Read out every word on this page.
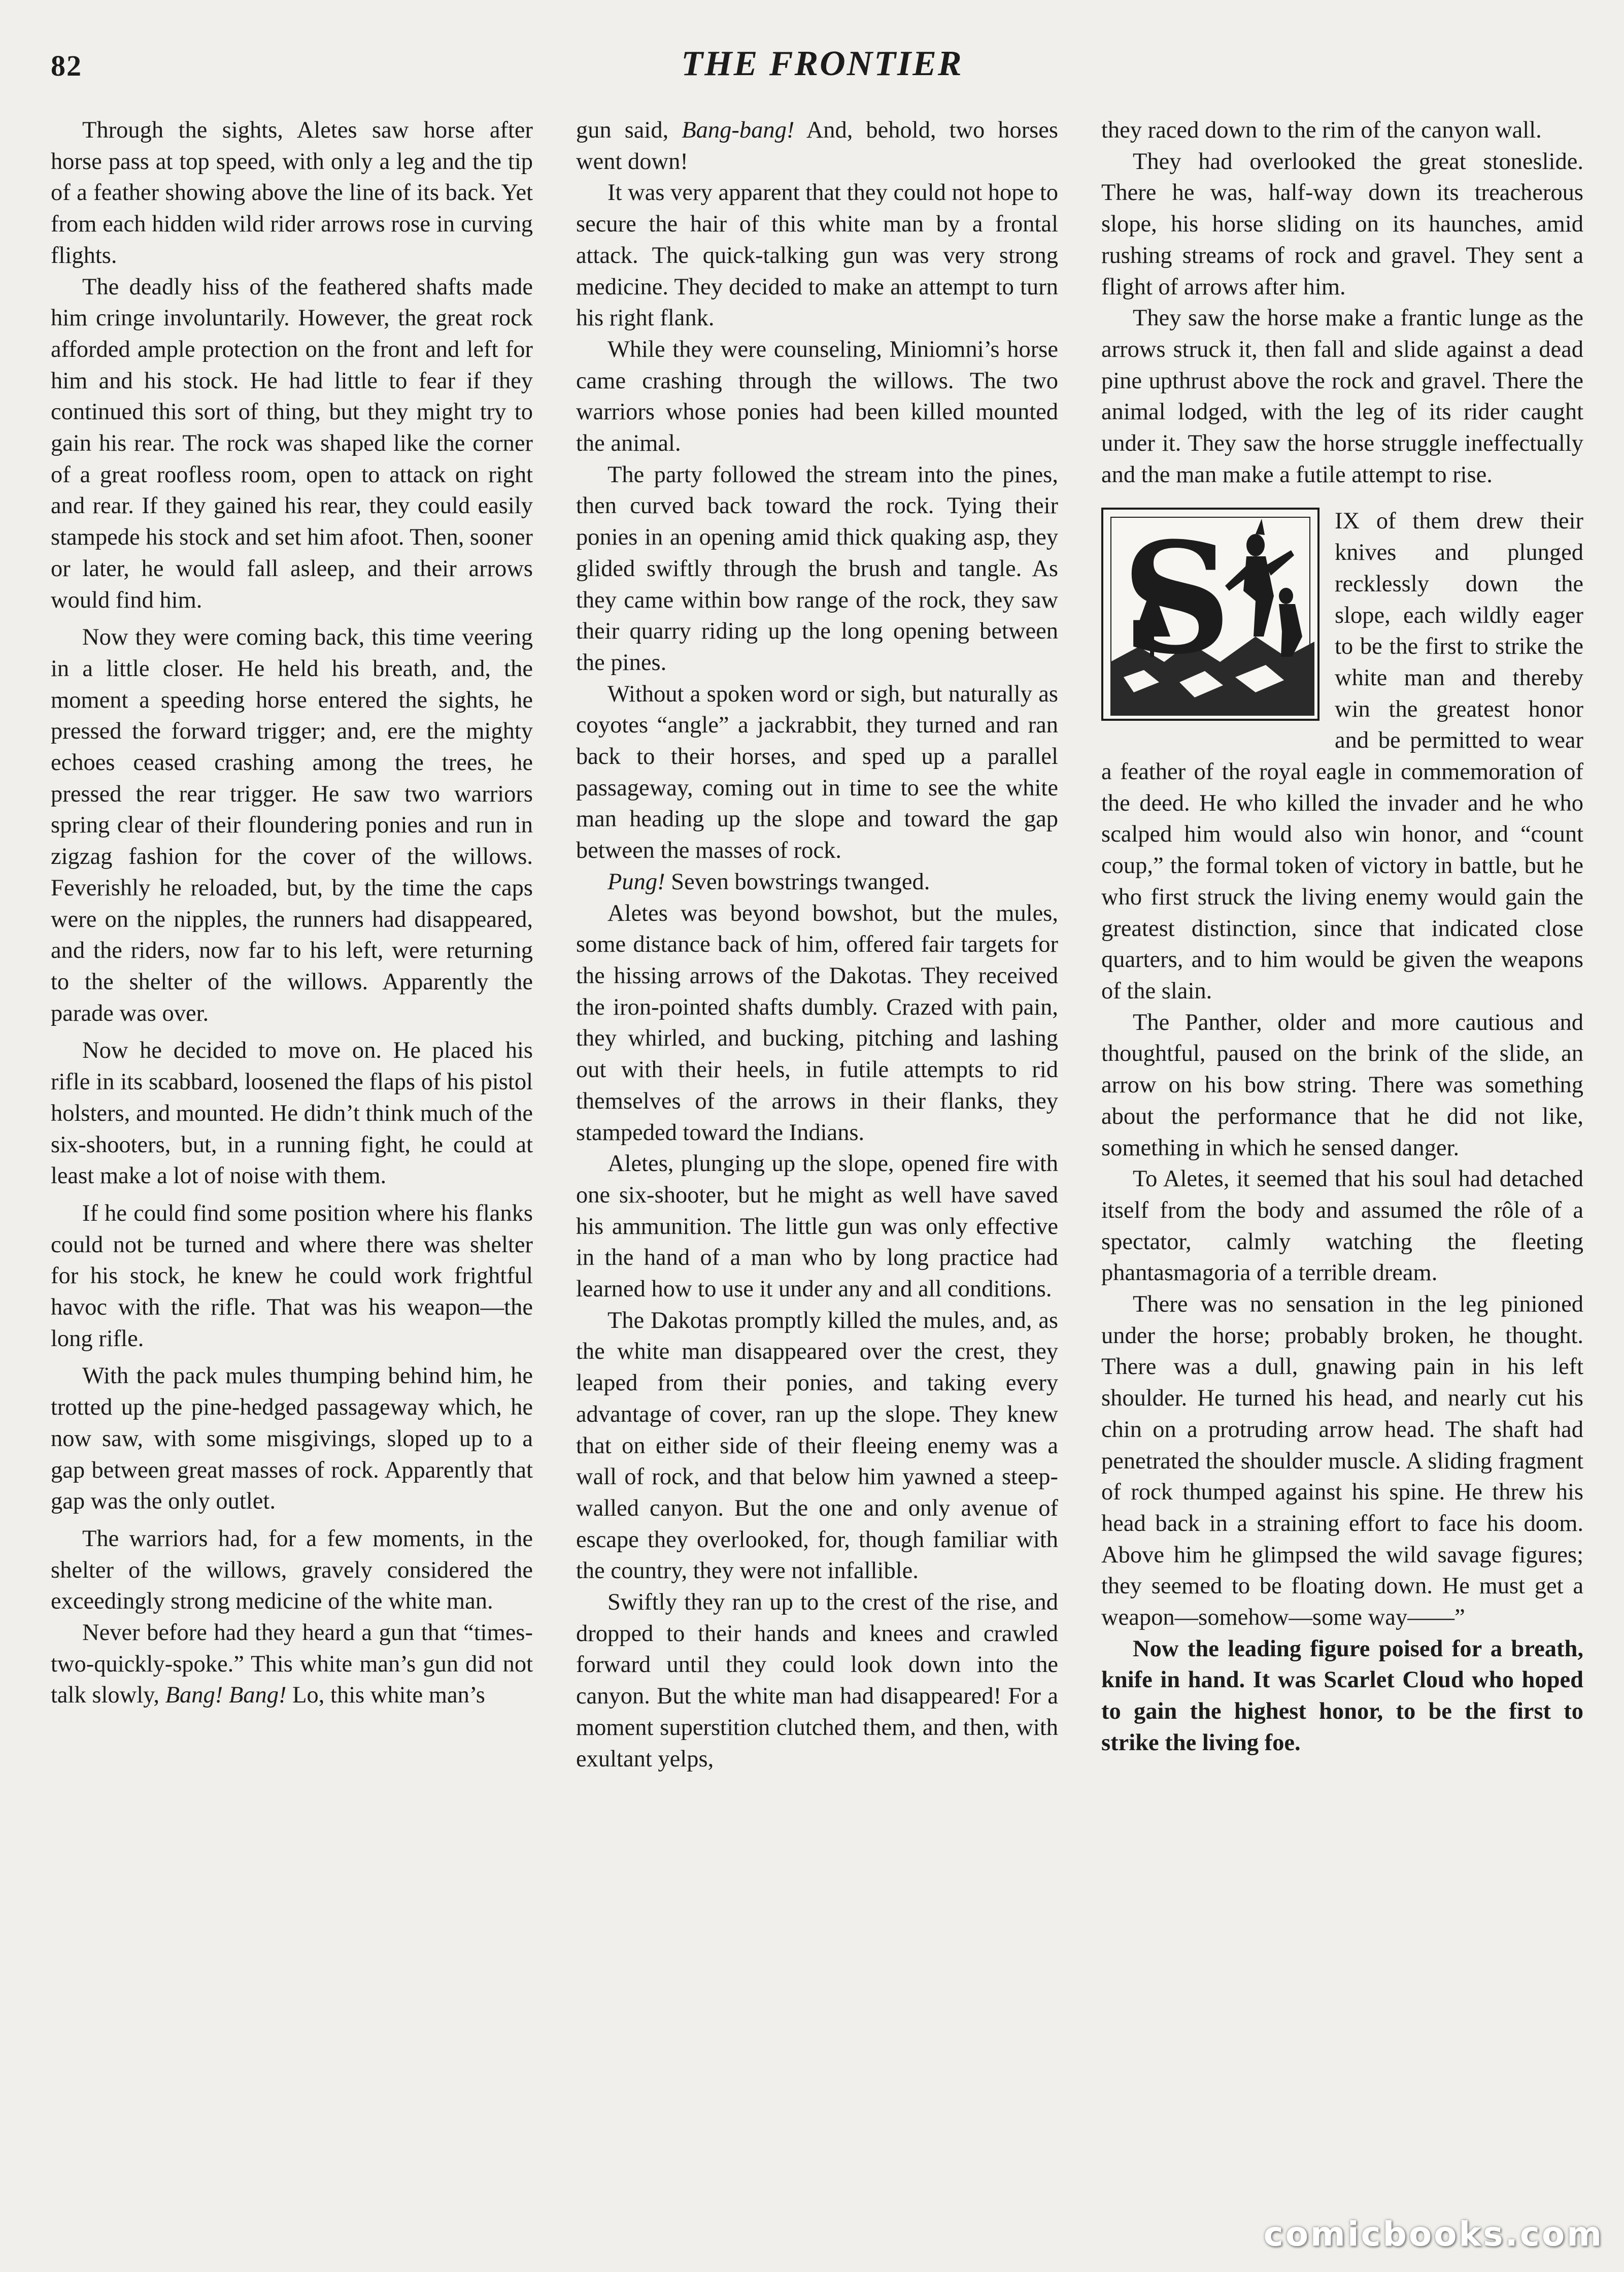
82	THE FRONTIER

Through the sights, Aletes saw horse after horse pass at top speed, with only a leg and the tip of a feather showing above the line of its back. Yet from each hidden wild rider arrows rose in curving flights.

The deadly hiss of the feathered shafts made him cringe involuntarily. However, the great rock afforded ample protection on the front and left for him and his stock. He had little to fear if they continued this sort of thing, but they might try to gain his rear. The rock was shaped like the corner of a great roofless room, open to attack on right and rear. If they gained his rear, they could easily stampede his stock and set him afoot. Then, sooner or later, he would fall asleep, and their arrows would find him.

Now they were coming back, this time veering in a little closer. He held his breath, and, the moment a speeding horse entered the sights, he pressed the forward trigger; and, ere the mighty echoes ceased crashing among the trees, he pressed the rear trigger. He saw two warriors spring clear of their floundering ponies and run in zigzag fashion for the cover of the willows. Feverishly he reloaded, but, by the time the caps were on the nipples, the runners had disappeared, and the riders, now far to his left, were returning to the shelter of the willows. Apparently the parade was over.

Now he decided to move on. He placed his rifle in its scabbard, loosened the flaps of his pistol holsters, and mounted. He didn’t think much of the six-shooters, but, in a running fight, he could at least make a lot of noise with them.

If he could find some position where his flanks could not be turned and where there was shelter for his stock, he knew he could work frightful havoc with the rifle. That was his weapon—the long rifle.

With the pack mules thumping behind him, he trotted up the pine-hedged passageway which, he now saw, with some misgivings, sloped up to a gap between great masses of rock. Apparently that gap was the only outlet.

The warriors had, for a few moments, in the shelter of the willows, gravely considered the exceedingly strong medicine of the white man.

Never before had they heard a gun that “times-two-quickly-spoke.” This white man’s gun did not talk slowly, Bang! Bang! Lo, this white man’s

gun said, Bang-bang! And, behold, two horses went down!

It was very apparent that they could not hope to secure the hair of this white man by a frontal attack. The quick-talking gun was very strong medicine. They decided to make an attempt to turn his right flank.

While they were counseling, Miniomni’s horse came crashing through the willows. The two warriors whose ponies had been killed mounted the animal.

The party followed the stream into the pines, then curved back toward the rock. Tying their ponies in an opening amid thick quaking asp, they glided swiftly through the brush and tangle. As they came within bow range of the rock, they saw their quarry riding up the long opening between the pines.

Without a spoken word or sigh, but naturally as coyotes “angle” a jackrabbit, they turned and ran back to their horses, and sped up a parallel passageway, coming out in time to see the white man heading up the slope and toward the gap between the masses of rock.

Pung! Seven bowstrings twanged.

Aletes was beyond bowshot, but the mules, some distance back of him, offered fair targets for the hissing arrows of the Dakotas. They received the iron-pointed shafts dumbly. Crazed with pain, they whirled, and bucking, pitching and lashing out with their heels, in futile attempts to rid themselves of the arrows in their flanks, they stampeded toward the Indians.

Aletes, plunging up the slope, opened fire with one six-shooter, but he might as well have saved his ammunition. The little gun was only effective in the hand of a man who by long practice had learned how to use it under any and all conditions.

The Dakotas promptly killed the mules, and, as the white man disappeared over the crest, they leaped from their ponies, and taking every advantage of cover, ran up the slope. They knew that on either side of their fleeing enemy was a wall of rock, and that below him yawned a steep-walled canyon. But the one and only avenue of escape they overlooked, for, though familiar with the country, they were not infallible.

Swiftly they ran up to the crest of the rise, and dropped to their hands and knees and crawled forward until they could look down into the canyon. But the white man had disappeared! For a moment superstition clutched them, and then, with exultant yelps,

they raced down to the rim of the canyon wall.

They had overlooked the great stoneslide. There he was, half-way down its treacherous slope, his horse sliding on its haunches, amid rushing streams of rock and gravel. They sent a flight of arrows after him.

They saw the horse make a frantic lunge as the arrows struck it, then fall and slide against a dead pine upthrust above the rock and gravel. There the animal lodged, with the leg of its rider caught under it. They saw the horse struggle ineffectually and the man make a futile attempt to rise.

S	IX of them drew their knives and plunged recklessly down the slope, each wildly eager to be the first to strike the white man and thereby win the greatest honor and be permitted to wear a feather of the royal eagle in commemoration of the deed. He who killed the invader and he who scalped him would also win honor, and “count coup,” the formal token of victory in battle, but he who first struck the living enemy would gain the greatest distinction, since that indicated close quarters, and to him would be given the weapons of the slain.

The Panther, older and more cautious and thoughtful, paused on the brink of the slide, an arrow on his bow string. There was something about the performance that he did not like, something in which he sensed danger.

To Aletes, it seemed that his soul had detached itself from the body and assumed the rôle of a spectator, calmly watching the fleeting phantasmagoria of a terrible dream.

There was no sensation in the leg pinioned under the horse; probably broken, he thought. There was a dull, gnawing pain in his left shoulder. He turned his head, and nearly cut his chin on a protruding arrow head. The shaft had penetrated the shoulder muscle. A sliding fragment of rock thumped against his spine. He threw his head back in a straining effort to face his doom. Above him he glimpsed the wild savage figures; they seemed to be floating down. He must get a weapon—somehow—some way——”

Now the leading figure poised for a breath, knife in hand. It was Scarlet Cloud who hoped to gain the highest honor, to be the first to strike the living foe.

comicbooks.com
